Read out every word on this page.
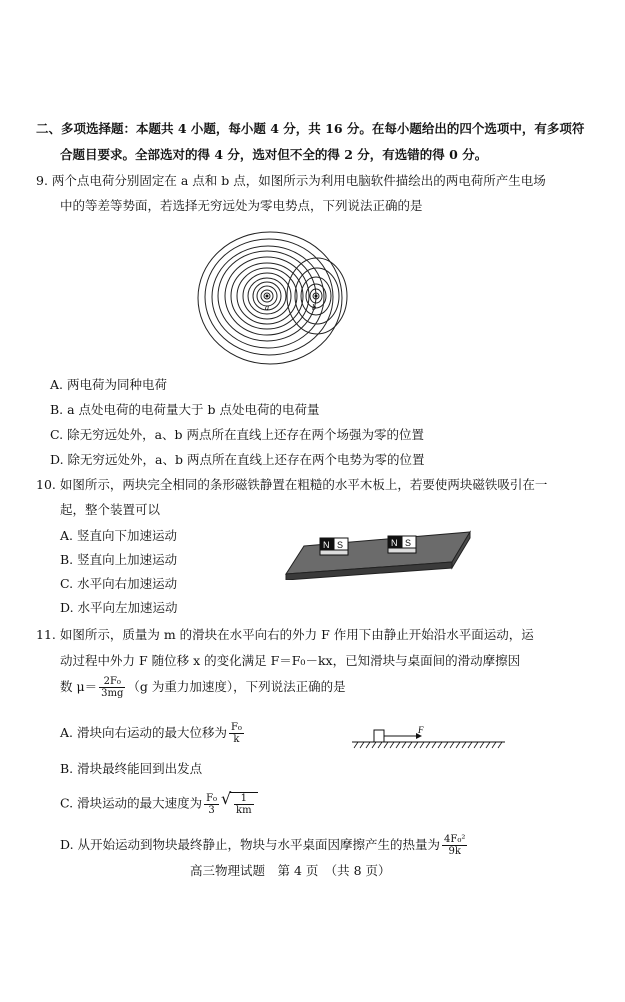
二、多项选择题：本题共 4 小题，每小题 4 分，共 16 分。在每小题给出的四个选项中，有多项符
合题目要求。全部选对的得 4 分，选对但不全的得 2 分，有选错的得 0 分。
9. 两个点电荷分别固定在 a 点和 b 点，如图所示为利用电脑软件描绘出的两电荷所产生电场
中的等差等势面，若选择无穷远处为零电势点，下列说法正确的是
a	b
A. 两电荷为同种电荷
B. a 点处电荷的电荷量大于 b 点处电荷的电荷量
C. 除无穷远处外，a、b 两点所在直线上还存在两个场强为零的位置
D. 除无穷远处外，a、b 两点所在直线上还存在两个电势为零的位置
10. 如图所示，两块完全相同的条形磁铁静置在粗糙的水平木板上，若要使两块磁铁吸引在一
起，整个装置可以
A. 竖直向下加速运动
B. 竖直向上加速运动
C. 水平向右加速运动
D. 水平向左加速运动
N S	N S
11. 如图所示，质量为 m 的滑块在水平向右的外力 F 作用下由静止开始沿水平面运动，运
动过程中外力 F 随位移 x 的变化满足 F＝F₀－kx，已知滑块与桌面间的滑动摩擦因
数 $\mu= \frac{\text{2F₀}}{3mg} (g$ 为重力加速度），下列说法正确的是
A. 滑块向右运动的最大位移为 $\frac{\text{F₀}}{k}$	F
B. 滑块最终能回到出发点
C. 滑块运动的最大速度为 $\frac{\text{F₀}}{3}$ √ $\frac{1}{km}$
D. 从开始运动到物块最终静止，物块与水平桌面因摩擦产生的热量为 $\frac{\text{4F₀²}}{9k}$
高三物理试题　第 4 页　（共 8 页）
